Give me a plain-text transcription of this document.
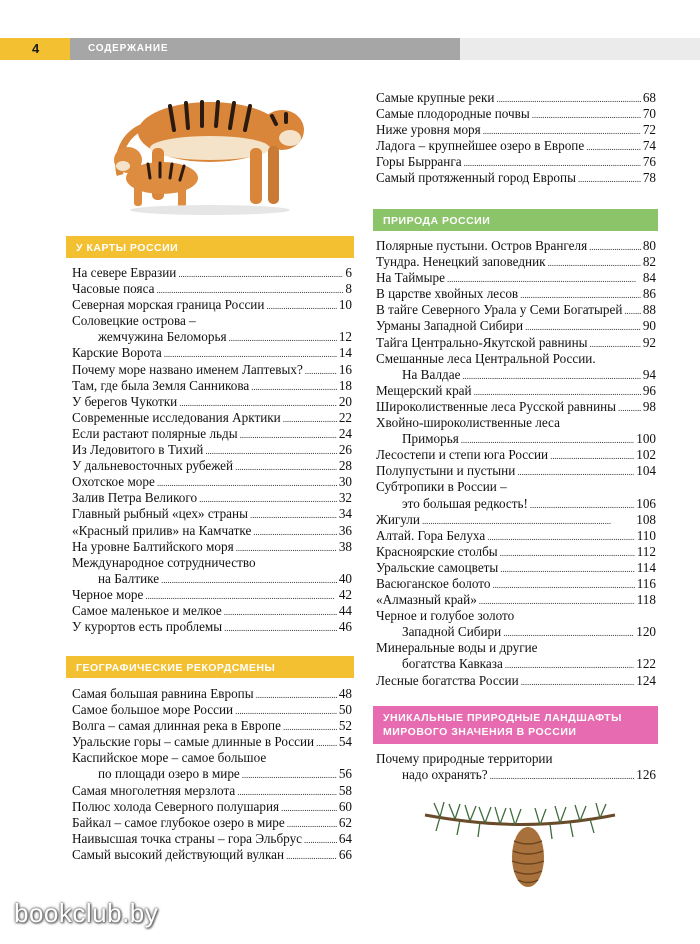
4	СОДЕРЖАНИЕ
У КАРТЫ РОССИИ
На севере Евразии . . .	6
Часовые пояса . . .	8
Северная морская граница России . . .	10
Соловецкие острова –
жемчужина Беломорья . . .	12
Карские Ворота . . .	14
Почему море названо именем Лаптевых? . . .	16
Там, где была Земля Санникова . . .	18
У берегов Чукотки . . .	20
Современные исследования Арктики . . .	22
Если растают полярные льды . . .	24
Из Ледовитого в Тихий . . .	26
У дальневосточных рубежей . . .	28
Охотское море . . .	30
Залив Петра Великого . . .	32
Главный рыбный «цех» страны . . .	34
«Красный прилив» на Камчатке . . .	36
На уровне Балтийского моря . . .	38
Международное сотрудничество
на Балтике . . .	40
Черное море . . .	42
Самое маленькое и мелкое . . .	44
У курортов есть проблемы . . .	46
ГЕОГРАФИЧЕСКИЕ РЕКОРДСМЕНЫ
Самая большая равнина Европы . . .	48
Самое большое море России . . .	50
Волга – самая длинная река в Европе . . .	52
Уральские горы – самые длинные в России . . . 54
Каспийское море – самое большое
по площади озеро в мире . . .	56
Самая многолетняя мерзлота . . .	58
Полюс холода Северного полушария . . .	60
Байкал – самое глубокое озеро в мире . . .	62
Наивысшая точка страны – гора Эльбрус . . .	64
Самый высокий действующий вулкан . . .	66
Самые крупные реки . . .	68
Самые плодородные почвы . . .	70
Ниже уровня моря . . .	72
Ладога – крупнейшее озеро в Европе . . .	74
Горы Бырранга . . .	76
Самый протяженный город Европы . . .	78
ПРИРОДА РОССИИ
Полярные пустыни. Остров Врангеля . . .	80
Тундра. Ненецкий заповедник . . .	82
На Таймыре . . .	84
В царстве хвойных лесов . . .	86
В тайге Северного Урала у Семи Богатырей . . . 88
Урманы Западной Сибири . . .	90
Тайга Центрально-Якутской равнины . . .	92
Смешанные леса Центральной России.
На Валдае . . .	94
Мещерский край . . .	96
Широколиственные леса Русской равнины . . . 98
Хвойно-широколиственные леса
Приморья . . .	100
Лесостепи и степи юга России . . .	102
Полупустыни и пустыни . . .	104
Субтропики в России –
это большая редкость! . . .	106
Жигули . . .	108
Алтай. Гора Белуха . . .	110
Красноярские столбы . . .	112
Уральские самоцветы . . .	114
Васюганское болото . . .	116
«Алмазный край» . . .	118
Черное и голубое золото
Западной Сибири . . .	120
Минеральные воды и другие
богатства Кавказа . . .	122
Лесные богатства России . . .	124
УНИКАЛЬНЫЕ ПРИРОДНЫЕ ЛАНДШАФТЫ
МИРОВОГО ЗНАЧЕНИЯ В РОССИИ
Почему природные территории
надо охранять? . . .	126
bookclub.by
